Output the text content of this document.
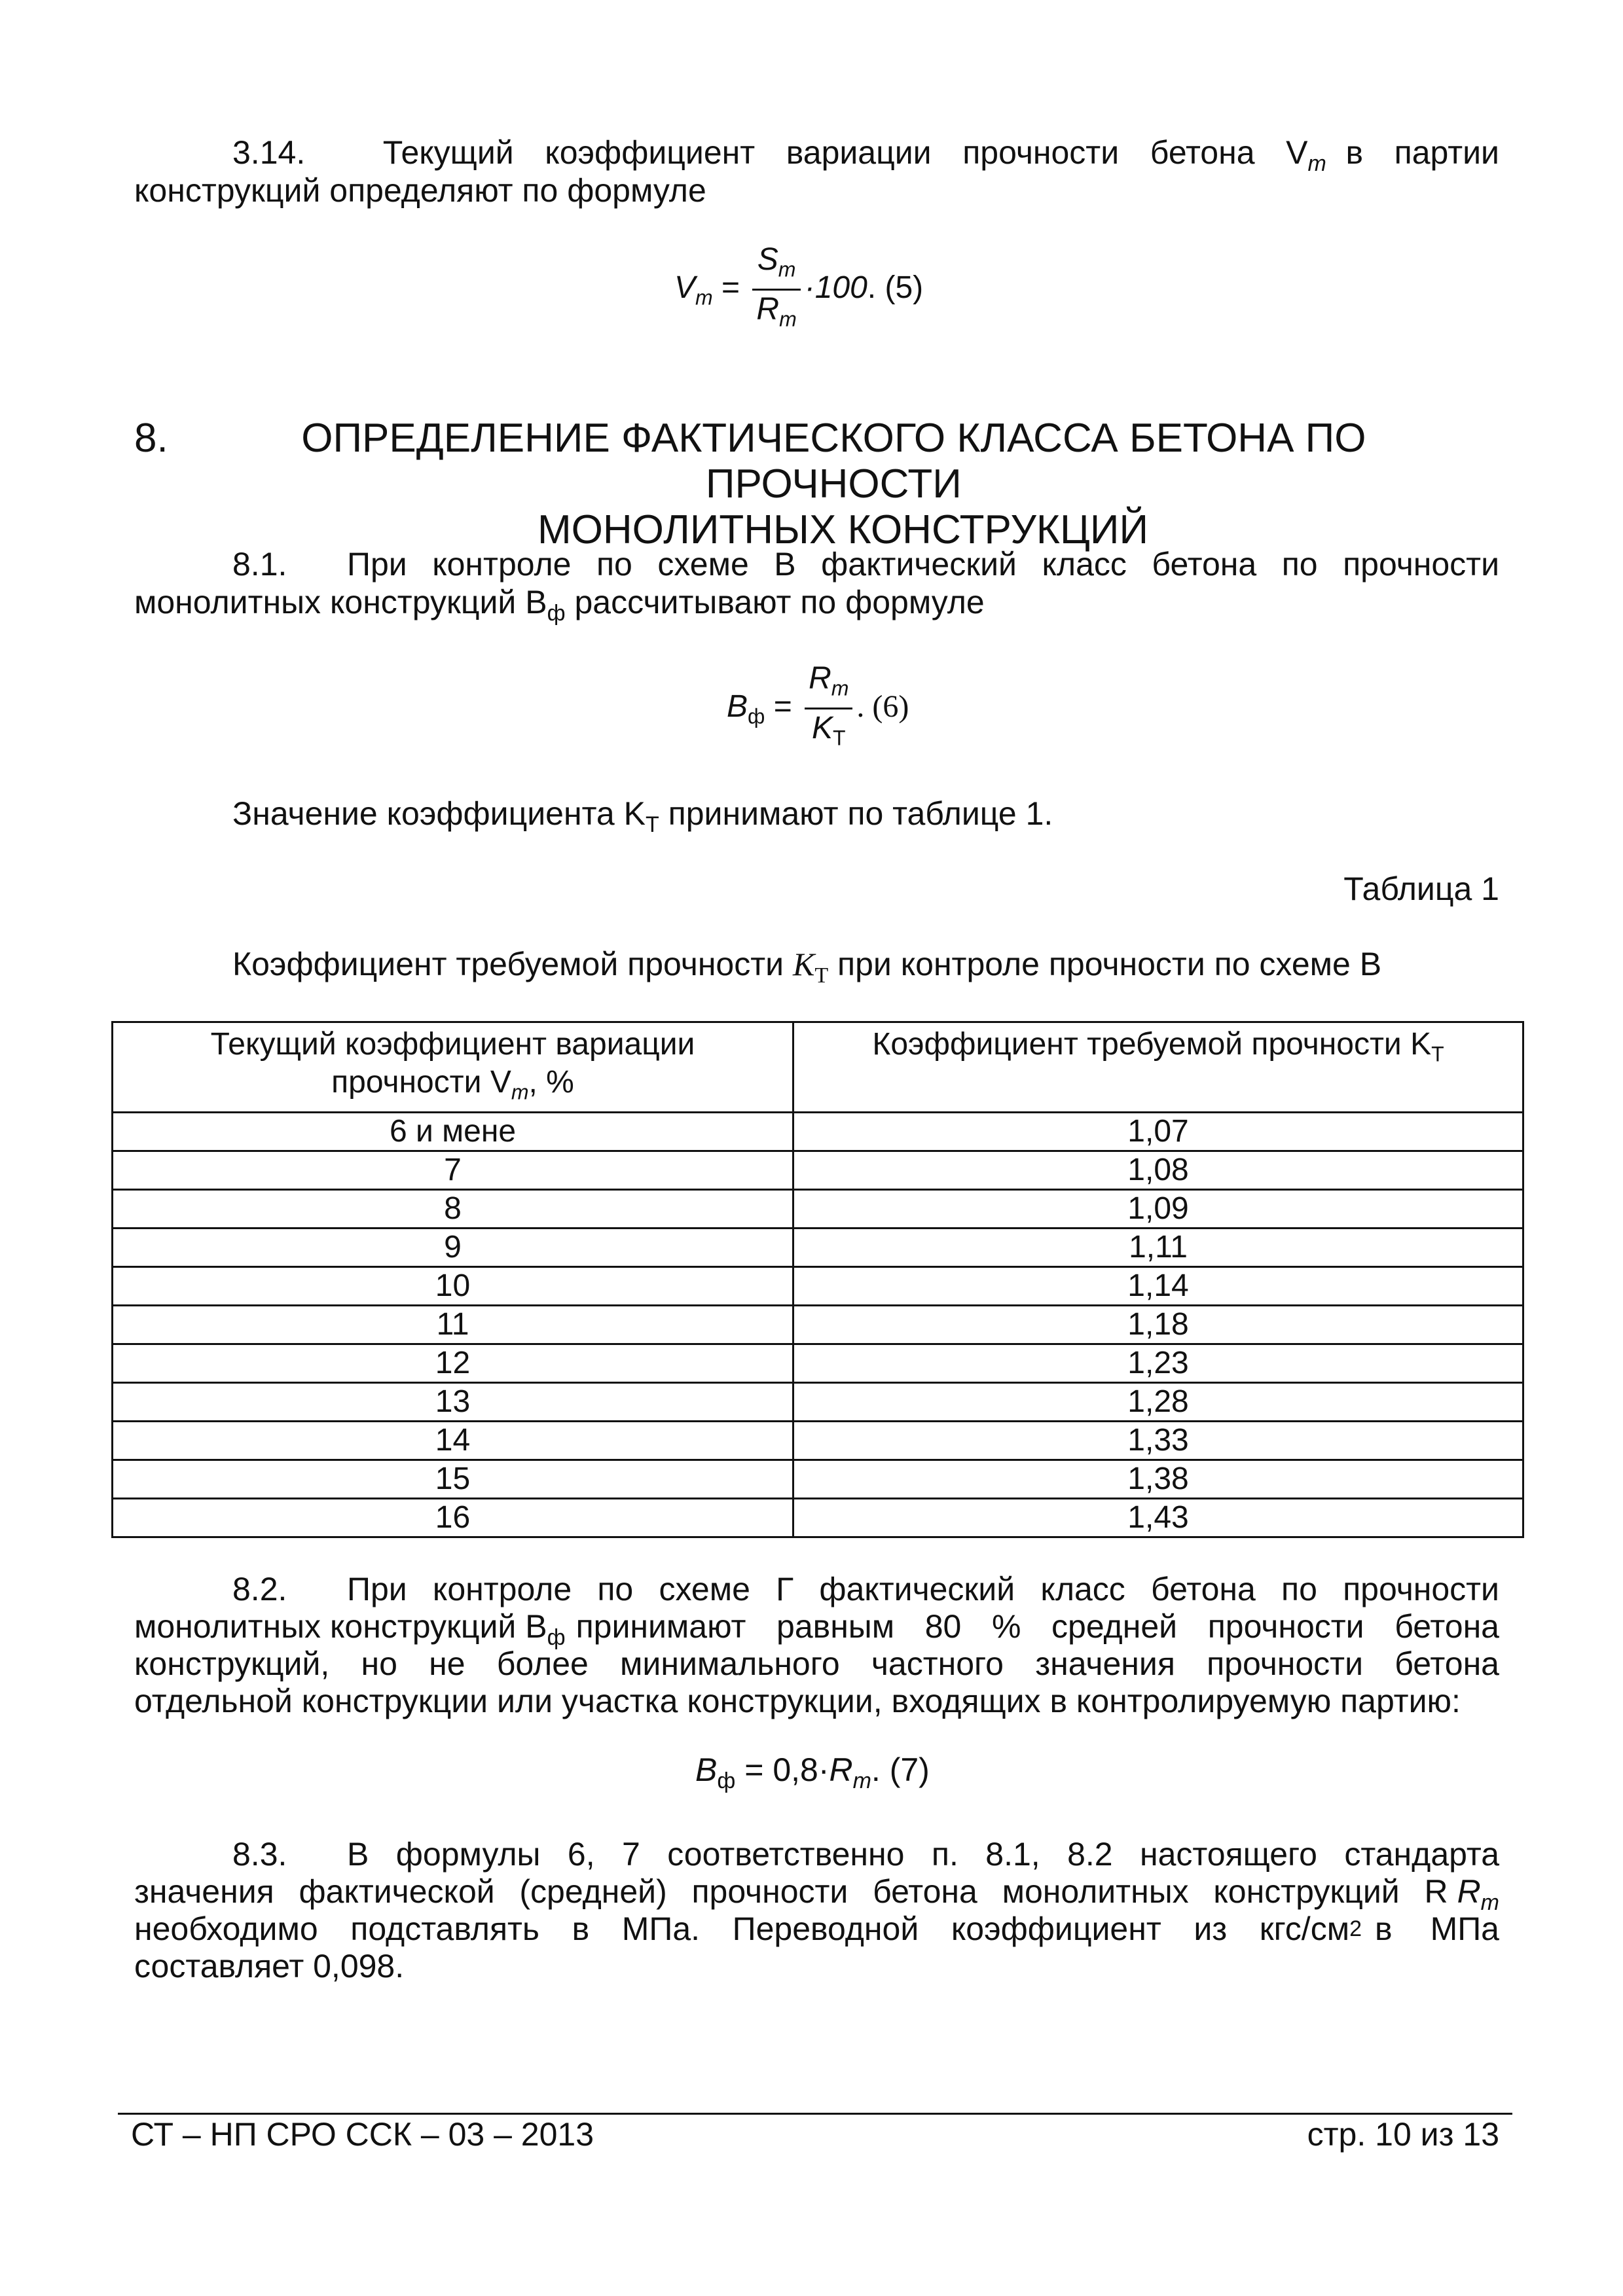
3.14. Текущий коэффициент вариации прочности бетона $V_m$ в партии
конструкций определяют по формуле
$V_m = \frac{S_m}{R_m} \cdot 100$. (5)
8.	ОПРЕДЕЛЕНИЕ ФАКТИЧЕСКОГО КЛАССА БЕТОНА ПО ПРОЧНОСТИ
МОНОЛИТНЫХ КОНСТРУКЦИЙ
8.1. При контроле по схеме В фактический класс бетона по прочности
монолитных конструкций $B_ф$ рассчитывают по формуле
$B_ф = \frac{R_m}{K_Т}$ . (6)
Значение коэффициента $K_Т$ принимают по таблице 1.
Таблица 1
Коэффициент требуемой прочности $K_Т$ при контроле прочности по схеме В
Текущий коэффициент вариации
прочности $V_m$, %	Коэффициент требуемой прочности $K_Т$
6 и мене	1,07
7	1,08
8	1,09
9	1,11
10	1,14
11	1,18
12	1,23
13	1,28
14	1,33
15	1,38
16	1,43
8.2. При контроле по схеме Г фактический класс бетона по прочности
монолитных конструкций $B_ф$ принимают равным 80 % средней прочности бетона
конструкций, но не более минимального частного значения прочности бетона
отдельной конструкции или участка конструкции, входящих в контролируемую партию:
$B_ф = 0,8\cdot R_m$. (7)
8.3. В формулы 6, 7 соответственно п. 8.1, 8.2 настоящего стандарта
значения фактической (средней) прочности бетона монолитных конструкций R $R_m$
необходимо подставлять в МПа. Переводной коэффициент из кгс/см 2 в МПа
составляет 0,098.
СТ – НП СРО ССК – 03 – 2013	стр. 10 из 13
